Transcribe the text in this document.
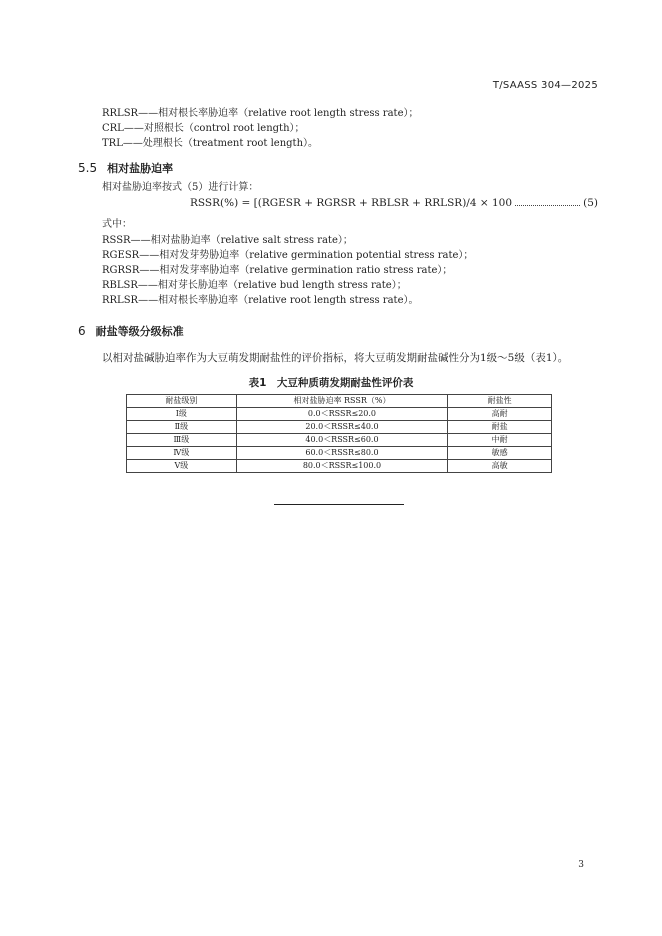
T/SAASS 304—2025
RRLSR——相对根长率胁迫率（relative root length stress rate）；
CRL——对照根长（control root length）；
TRL——处理根长（treatment root length）。
5.5 相对盐胁迫率
相对盐胁迫率按式（5）进行计算：
RSSR(%) = [(RGESR + RGRSR + RBLSR + RRLSR)/4 × 100	(5)
式中：
RSSR——相对盐胁迫率（relative salt stress rate）；
RGESR——相对发芽势胁迫率（relative germination potential stress rate）；
RGRSR——相对发芽率胁迫率（relative germination ratio stress rate）；
RBLSR——相对芽长胁迫率（relative bud length stress rate）；
RRLSR——相对根长率胁迫率（relative root length stress rate）。
6 耐盐等级分级标准
以相对盐碱胁迫率作为大豆萌发期耐盐性的评价指标，将大豆萌发期耐盐碱性分为1级～5级（表1）。
表1　大豆种质萌发期耐盐性评价表
耐盐级别	相对盐胁迫率 RSSR（%）	耐盐性
Ⅰ级	0.0＜RSSR≤20.0	高耐
Ⅱ级	20.0＜RSSR≤40.0	耐盐
Ⅲ级	40.0＜RSSR≤60.0	中耐
Ⅳ级	60.0＜RSSR≤80.0	敏感
Ⅴ级	80.0＜RSSR≤100.0	高敏
3
